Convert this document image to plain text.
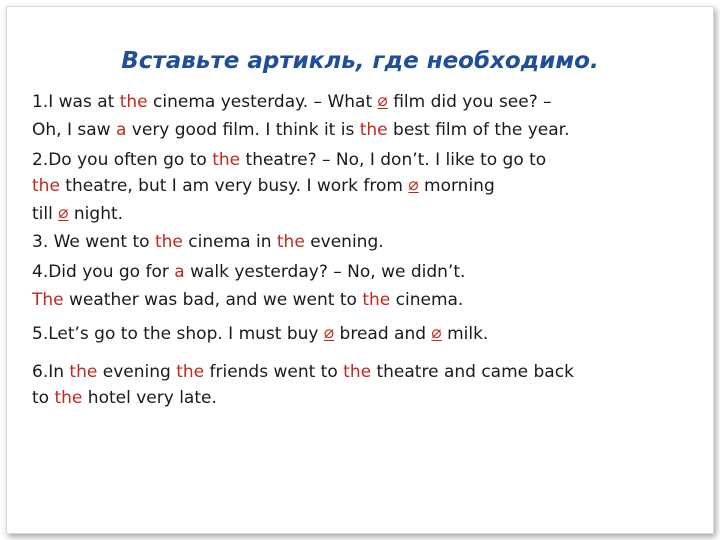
Вставьте артикль, где необходимо.
1.I was at the cinema yesterday. – What ∅ film did you see? –
Oh, I saw a very good film. I think it is the best film of the year.
2.Do you often go to the theatre? – No, I don’t. I like to go to
the theatre, but I am very busy. I work from ∅ morning
till ∅ night.
3. We went to the cinema in the evening.
4.Did you go for a walk yesterday? – No, we didn’t.
The weather was bad, and we went to the cinema.
5.Let’s go to the shop. I must buy ∅ bread and ∅ milk.
6.In the evening the friends went to the theatre and came back
to the hotel very late.
